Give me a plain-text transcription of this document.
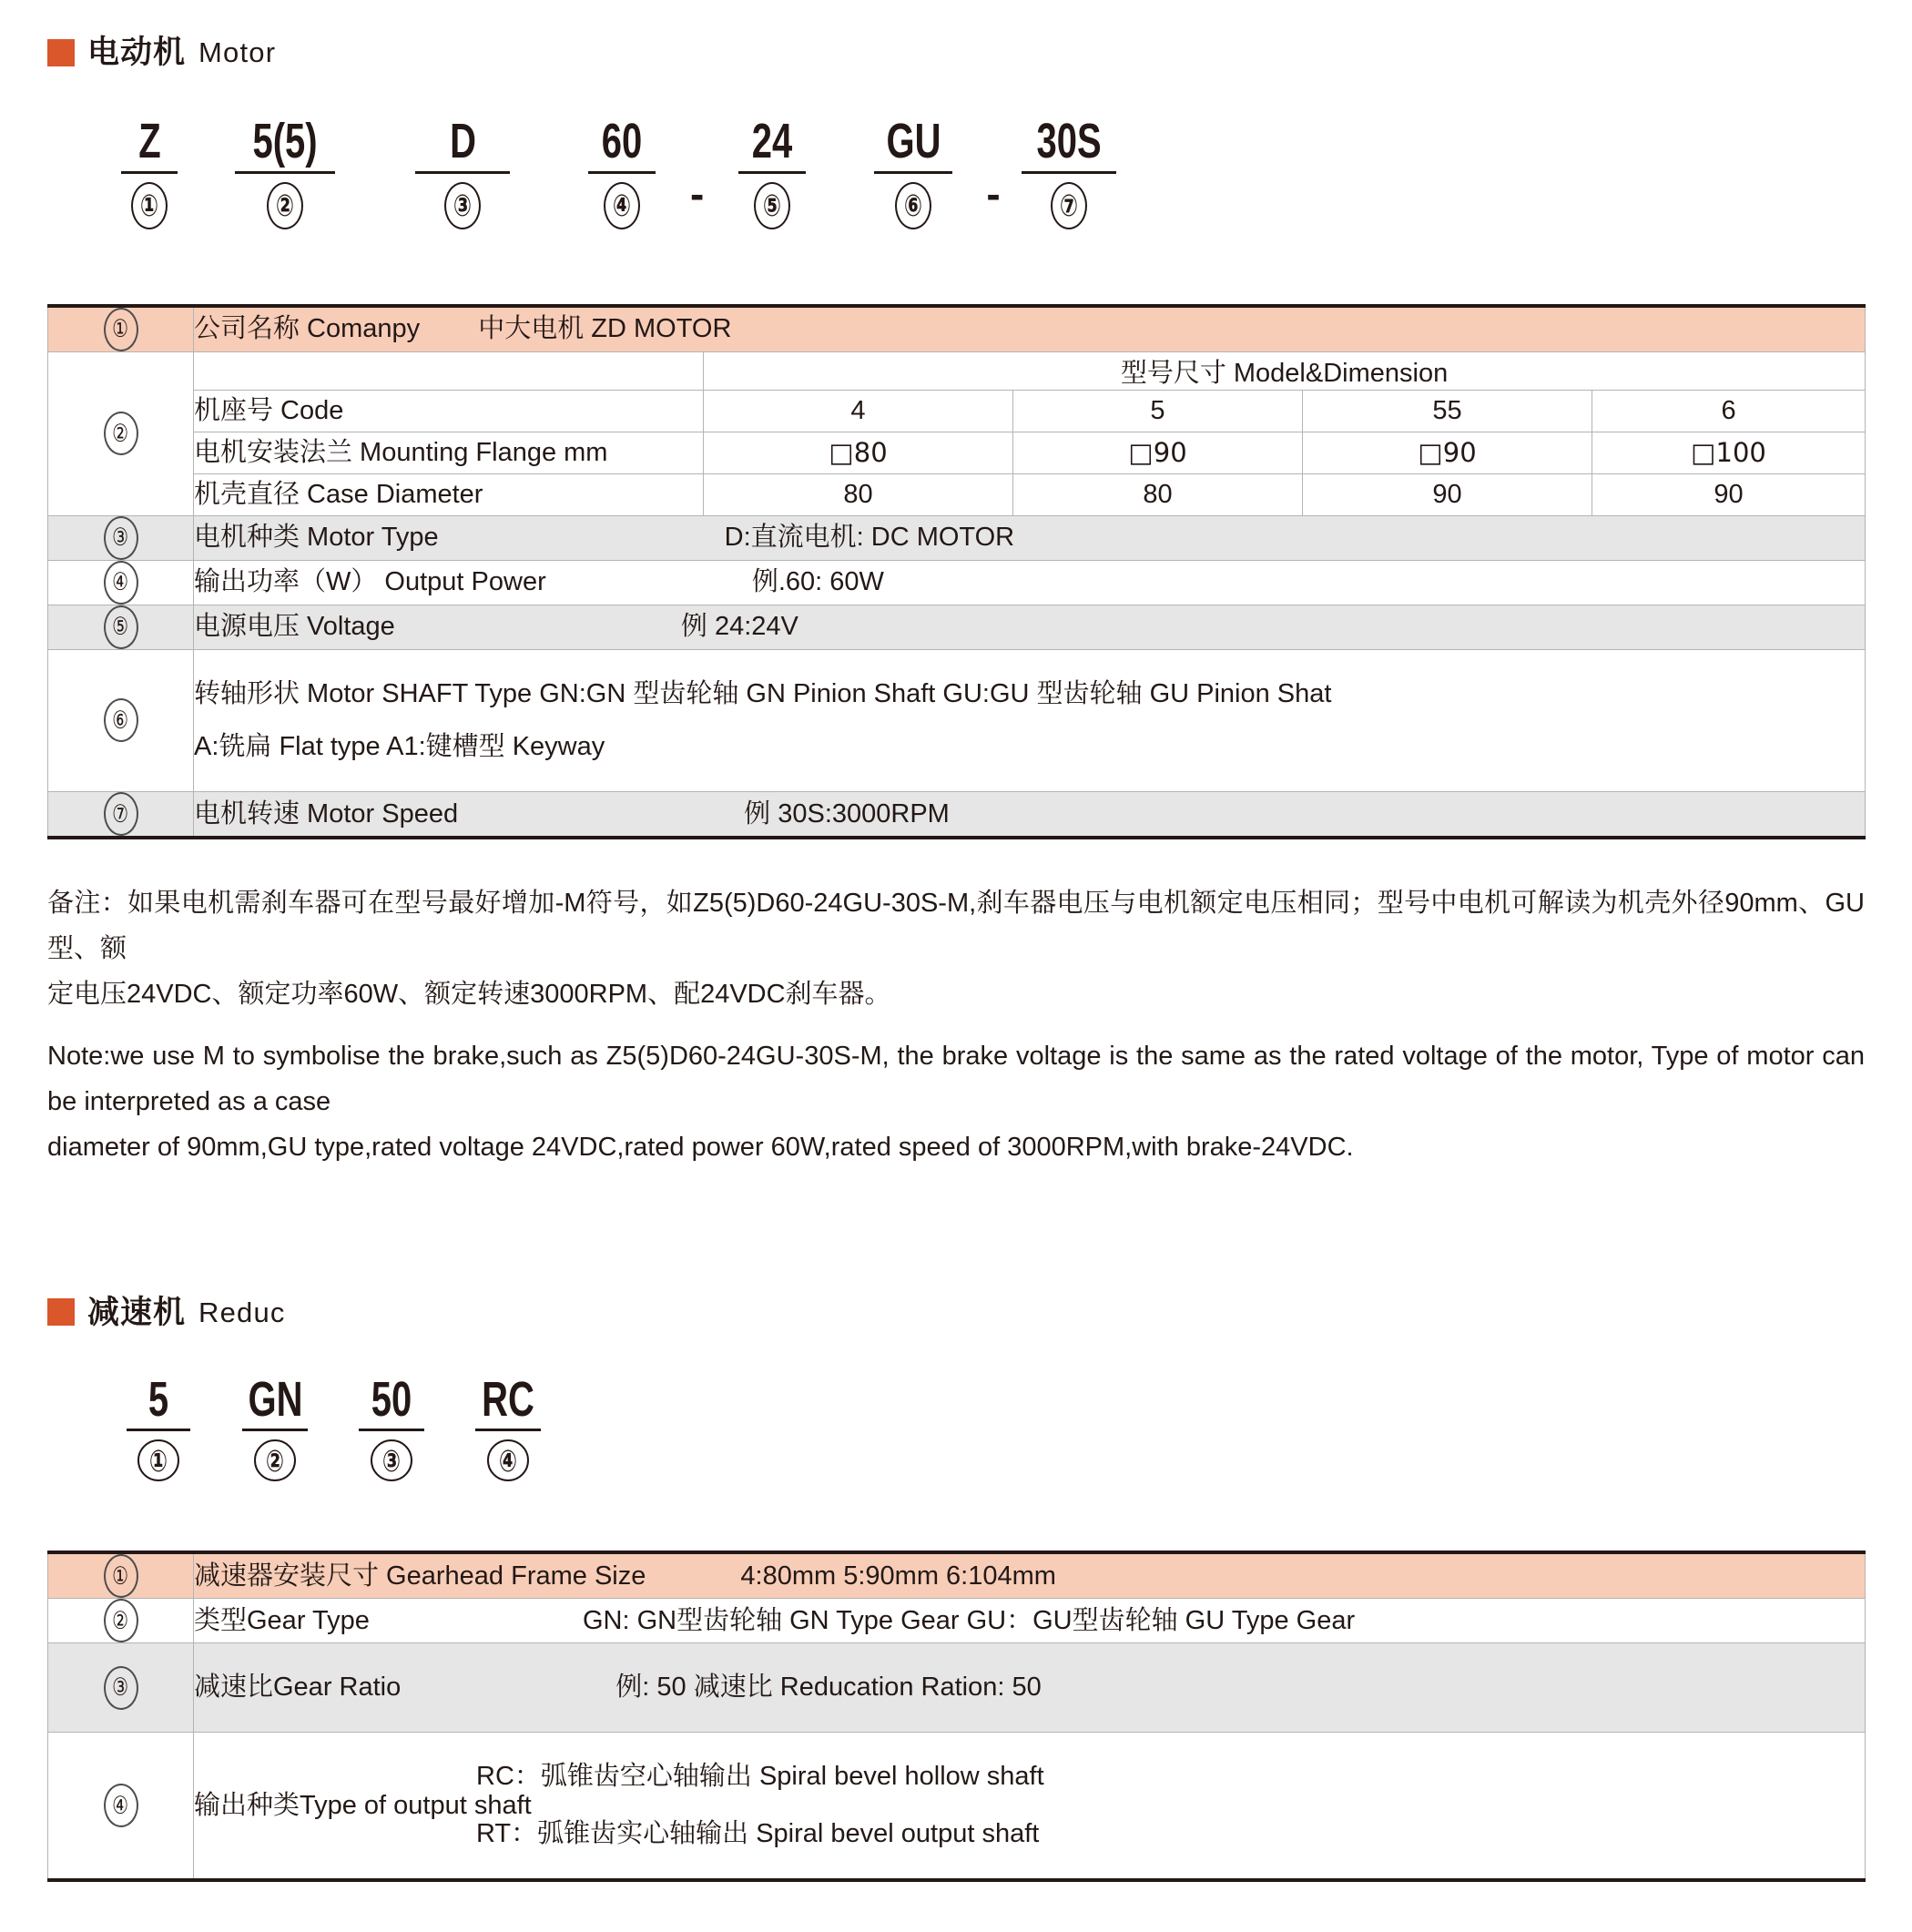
电动机 Motor
Z
①
5(5)
②
D
③
60
④ -
24
⑤
GU
⑥ -
30S
⑦
①	公司名称 Comanpy 中大电机 ZD MOTOR				

②		型号尺寸 Model&Dimension			
	机座号 Code	4	5	55	6
	电机安装法兰 Mounting Flange mm	□80	□90	□90	□100
	机壳直径 Case Diameter	80	80	90	90

③	电机种类 Motor Type D:直流电机: DC MOTOR				

④	输出功率（W） Output Power 例.60: 60W				

⑤	电源电压 Voltage 例 24:24V				

⑥	转轴形状 Motor SHAFT Type GN:GN 型齿轮轴 GN Pinion Shaft GU:GU 型齿轮轴 GU Pinion Shat
A:铣扁 Flat type A1:键槽型 Keyway				

⑦	电机转速 Motor Speed 例 30S:3000RPM				

备注：如果电机需刹车器可在型号最好增加-M符号，如Z5(5)D60-24GU-30S-M,刹车器电压与电机额定电压相同；型号中电机可解读为机壳外径90mm、GU型、额

定电压24VDC、额定功率60W、额定转速3000RPM、配24VDC刹车器。

Note:we use M to symbolise the brake,such as Z5(5)D60-24GU-30S-M, the brake voltage is the same as the rated voltage of the motor, Type of motor can be interpreted as a case

diameter of 90mm,GU type,rated voltage 24VDC,rated power 60W,rated speed of 3000RPM,with brake-24VDC.

减速机 Reduc
5
①
GN
②
50
③
RC
④
①	减速器安装尺寸 Gearhead Frame Size 4:80mm 5:90mm 6:104mm

②	类型Gear Type GN: GN型齿轮轴 GN Type Gear GU：GU型齿轮轴 GU Type Gear

③	减速比Gear Ratio 例: 50 减速比 Reducation Ration: 50

④	输出种类Type of output shaft
RC：弧锥齿空心轴输出 Spiral bevel hollow shaft
RT：弧锥齿实心轴输出 Spiral bevel output shaft
